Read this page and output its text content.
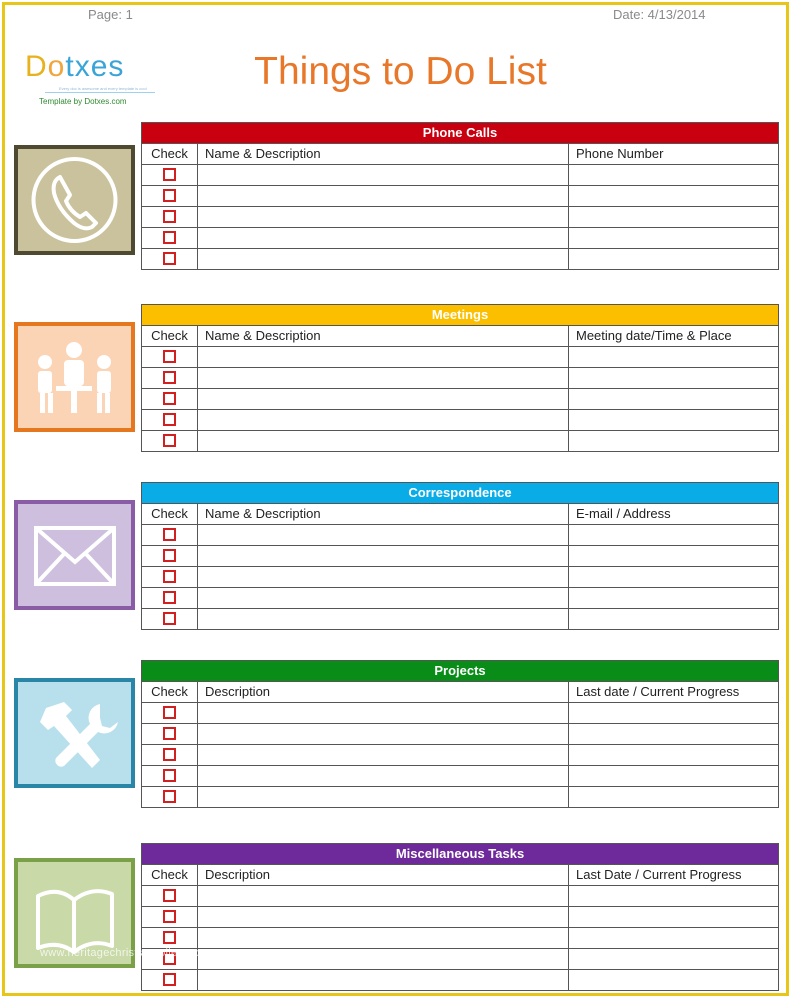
Page: 1	Date: 4/13/2014
Dotxes
Every doc is awesome and every template is cool
Template by Dotxes.com
Things to Do List
Phone Calls
Check	Name & Description	Phone Number
Meetings
Check	Name & Description	Meeting date/Time & Place
Correspondence
Check	Name & Description	E-mail / Address
Projects
Check	Description	Last date / Current Progress
Miscellaneous Tasks
Check	Description	Last Date / Current Progress
www.heritagechristiancollege.com
